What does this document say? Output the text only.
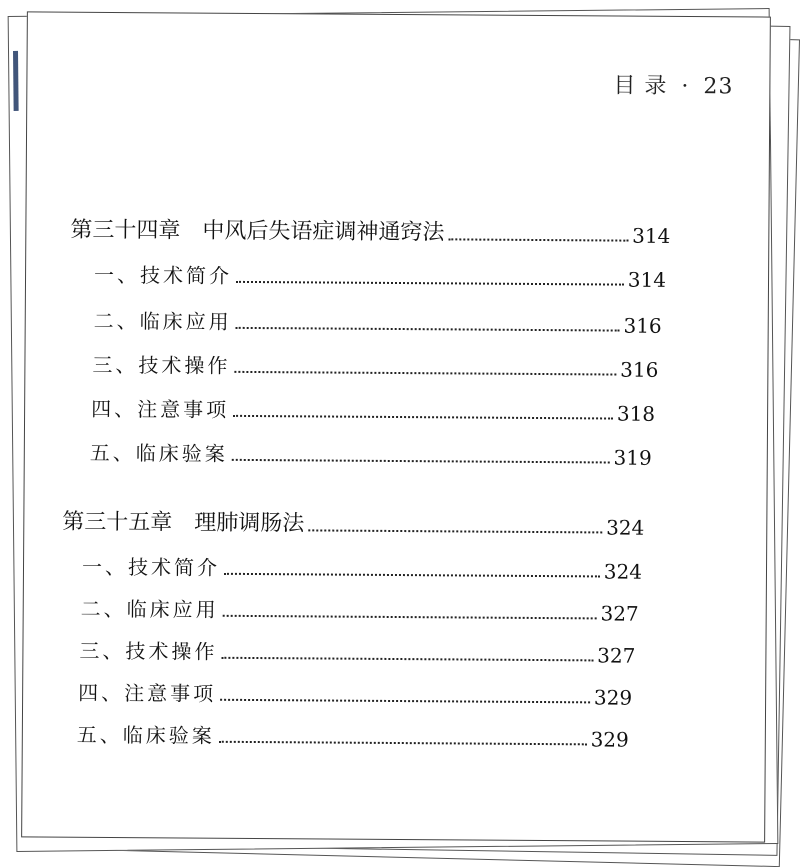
目 录 · 23
第三十四章　中风后失语症调神通窍法	314
一、技术简介	314
二、临床应用	316
三、技术操作	316
四、注意事项	318
五、临床验案	319
第三十五章　理肺调肠法	324
一、技术简介	324
二、临床应用	327
三、技术操作	327
四、注意事项	329
五、临床验案	329
